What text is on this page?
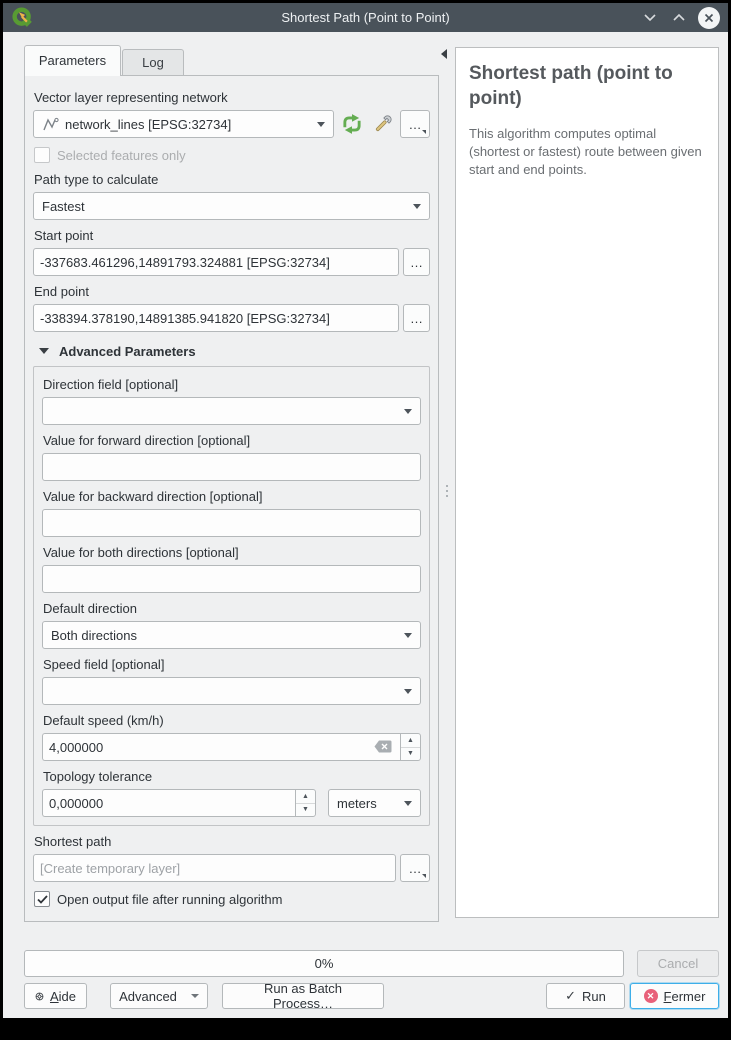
Shortest Path (Point to Point)
Parameters	Log
Vector layer representing network
network_lines [EPSG:32734]	…
Selected features only
Path type to calculate
Fastest
Start point
-337683.461296,14891793.324881 [EPSG:32734]
…
End point
-338394.378190,14891385.941820 [EPSG:32734]
…
Advanced Parameters
Direction field [optional]
Value for forward direction [optional]
Value for backward direction [optional]
Value for both directions [optional]
Default direction
Both directions
Speed field [optional]
Default speed (km/h)
4,000000
▲
▼
Topology tolerance
0,000000
▲
▼	meters
Shortest path
[Create temporary layer]
…
Open output file after running algorithm
Shortest path (point to point)

This algorithm computes optimal (shortest or fastest) route between given start and end points.

0%	Cancel
Aide	Advanced	Run as Batch Process…
✓ Run	✕ Fermer
